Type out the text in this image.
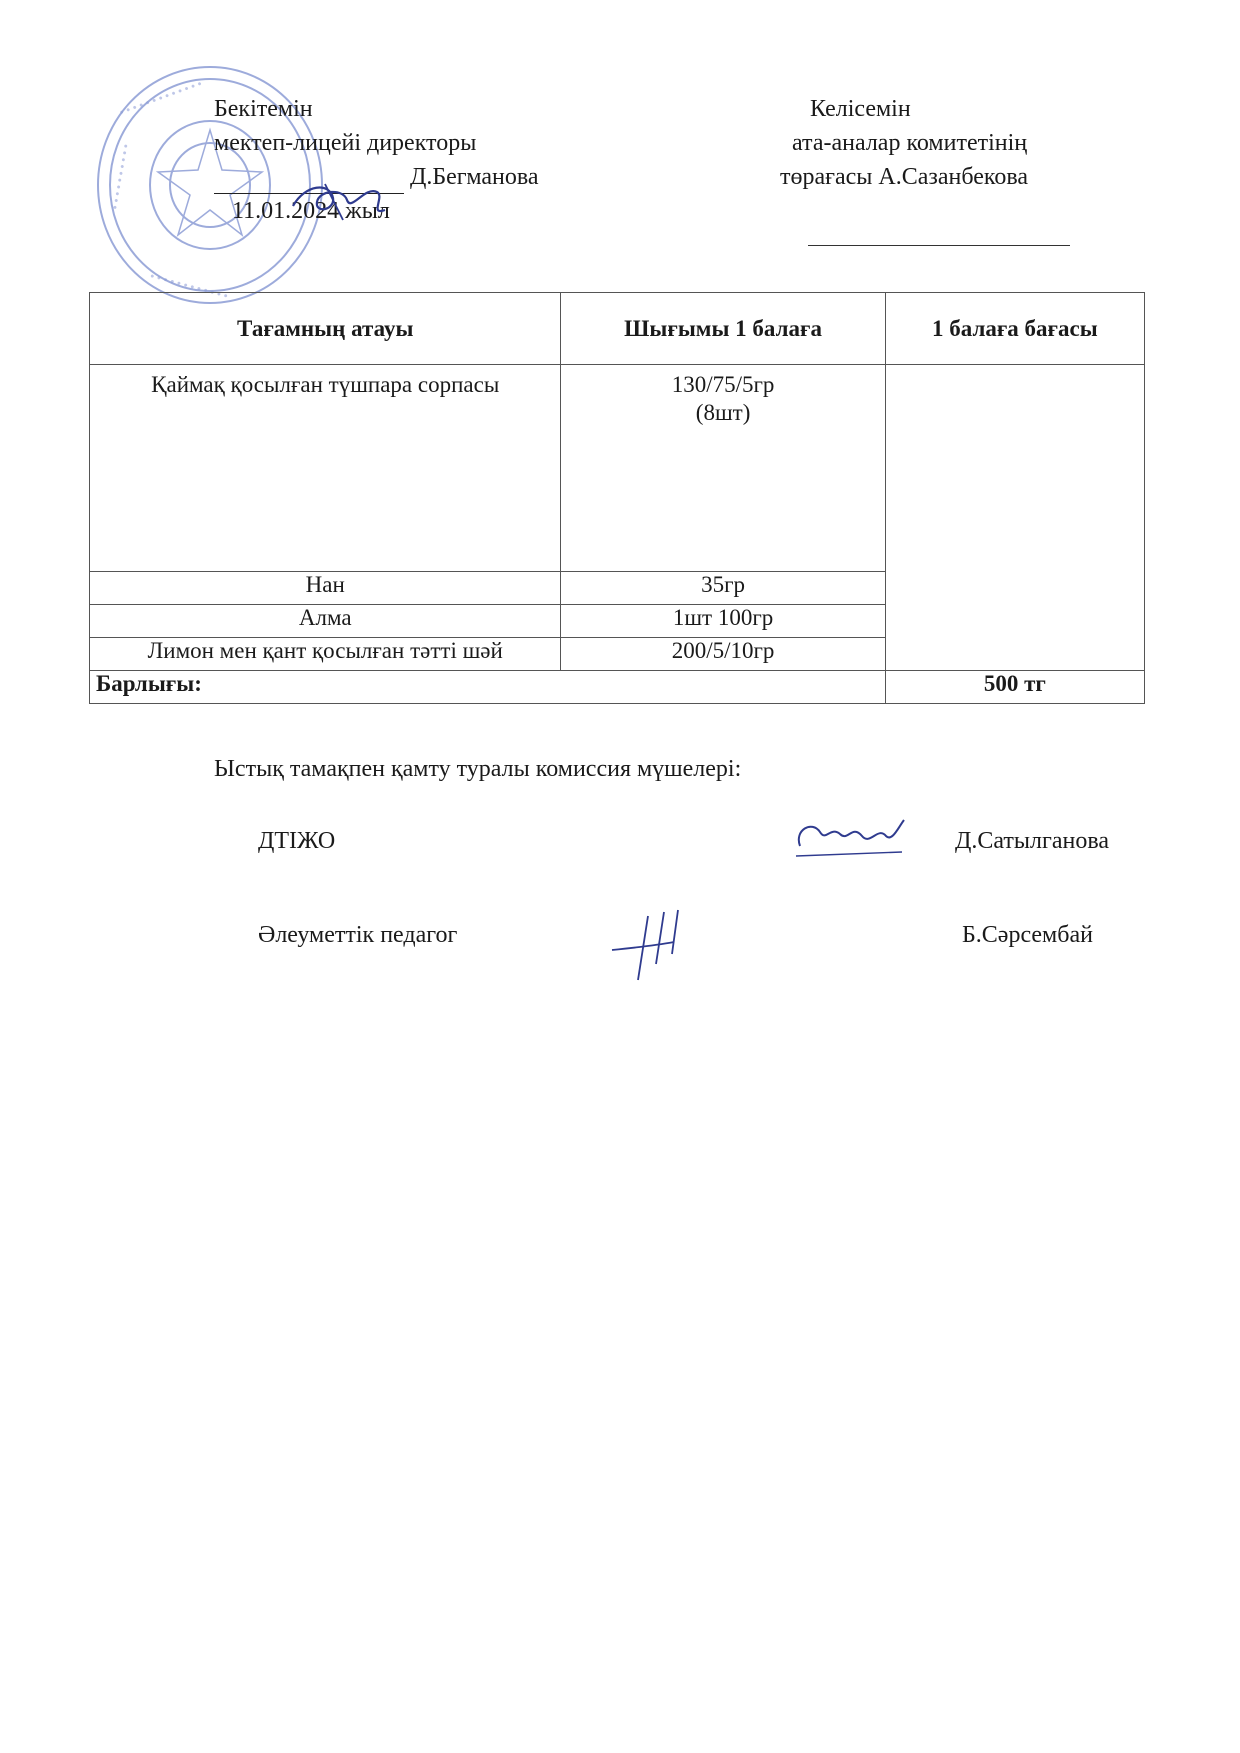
• • • • • • • • • • • • •
• • • • • • • • • •
• • • • • • • • • • • •
Бекітемін
мектеп-лицейі директоры
Д.Бегманова
11.01.2024 жыл
Келісемін
ата-аналар комитетінің
төрағасы А.Сазанбекова
Тағамның атауы	Шығымы 1 балаға	1 балаға бағасы
Қаймақ қосылған түшпара сорпасы	130/75/5гр
(8шт)	

Нан	35гр	
Алма	1шт 100гр	
Лимон мен қант қосылған тәтті шәй	200/5/10гр	
Барлығы:		500 тг
Ыстық тамақпен қамту туралы комиссия мүшелері:
ДТІЖО	Д.Сатылганова
Әлеуметтік педагог	Б.Сәрсембай
